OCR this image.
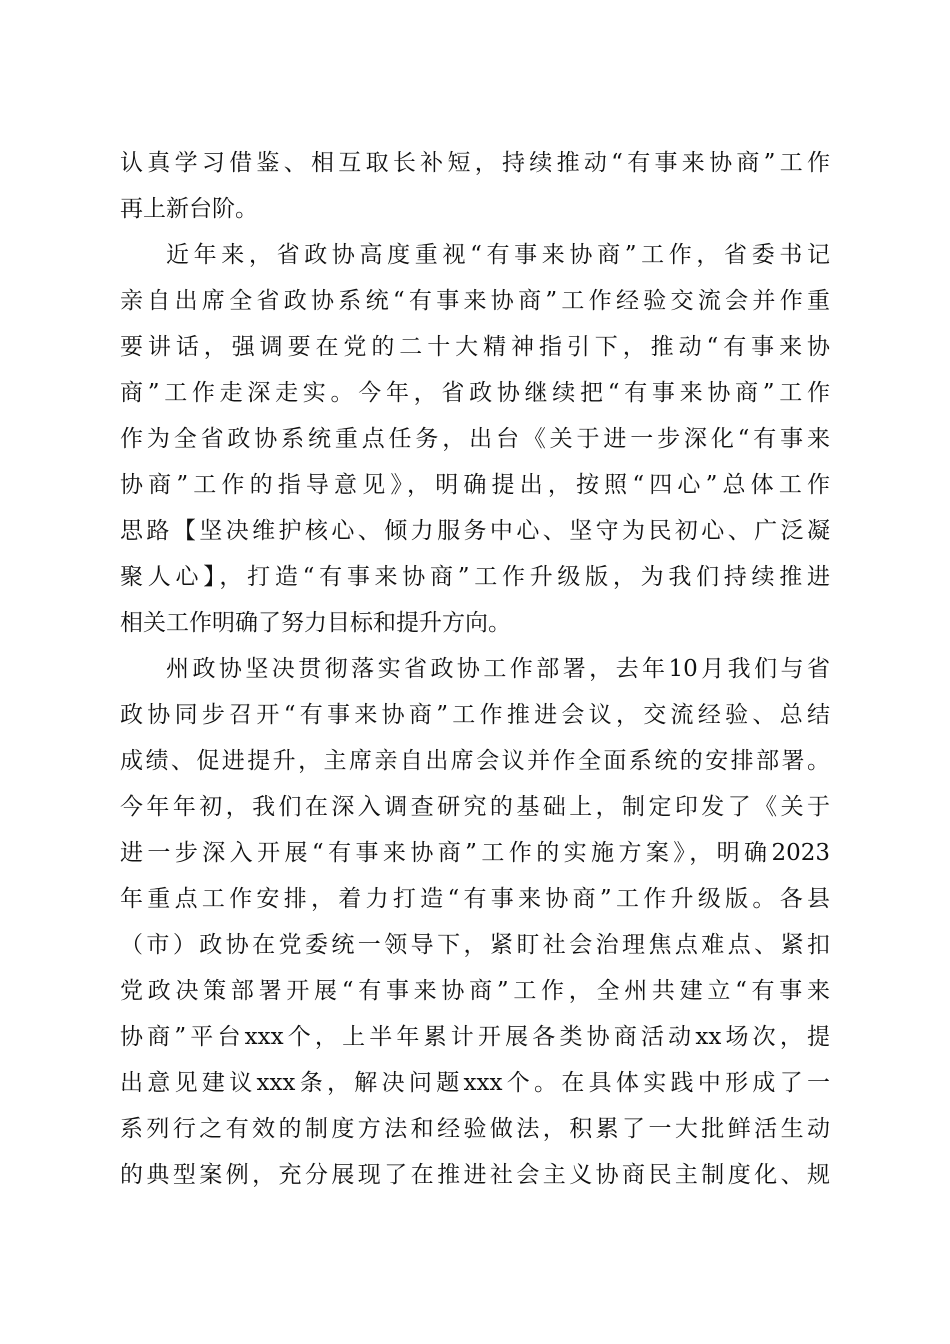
认真学习借鉴、相互取长补短，持续推动“有事来协商”工作
再上新台阶。
近年来，省政协高度重视“有事来协商”工作，省委书记
亲自出席全省政协系统“有事来协商”工作经验交流会并作重
要讲话，强调要在党的二十大精神指引下，推动“有事来协
商”工作走深走实。今年，省政协继续把“有事来协商”工作
作为全省政协系统重点任务，出台《关于进一步深化“有事来
协商”工作的指导意见》，明确提出，按照“四心”总体工作
思路【坚决维护核心、倾力服务中心、坚守为民初心、广泛凝
聚人心】，打造“有事来协商”工作升级版，为我们持续推进
相关工作明确了努力目标和提升方向。
州政协坚决贯彻落实省政协工作部署，去年10月我们与省
政协同步召开“有事来协商”工作推进会议，交流经验、总结
成绩、促进提升，主席亲自出席会议并作全面系统的安排部署。
今年年初，我们在深入调查研究的基础上，制定印发了《关于
进一步深入开展“有事来协商”工作的实施方案》，明确2023
年重点工作安排，着力打造“有事来协商”工作升级版。各县
（市）政协在党委统一领导下，紧盯社会治理焦点难点、紧扣
党政决策部署开展“有事来协商”工作，全州共建立“有事来
协商”平台xxx个，上半年累计开展各类协商活动xx场次，提
出意见建议xxx条，解决问题xxx个。在具体实践中形成了一
系列行之有效的制度方法和经验做法，积累了一大批鲜活生动
的典型案例，充分展现了在推进社会主义协商民主制度化、规
